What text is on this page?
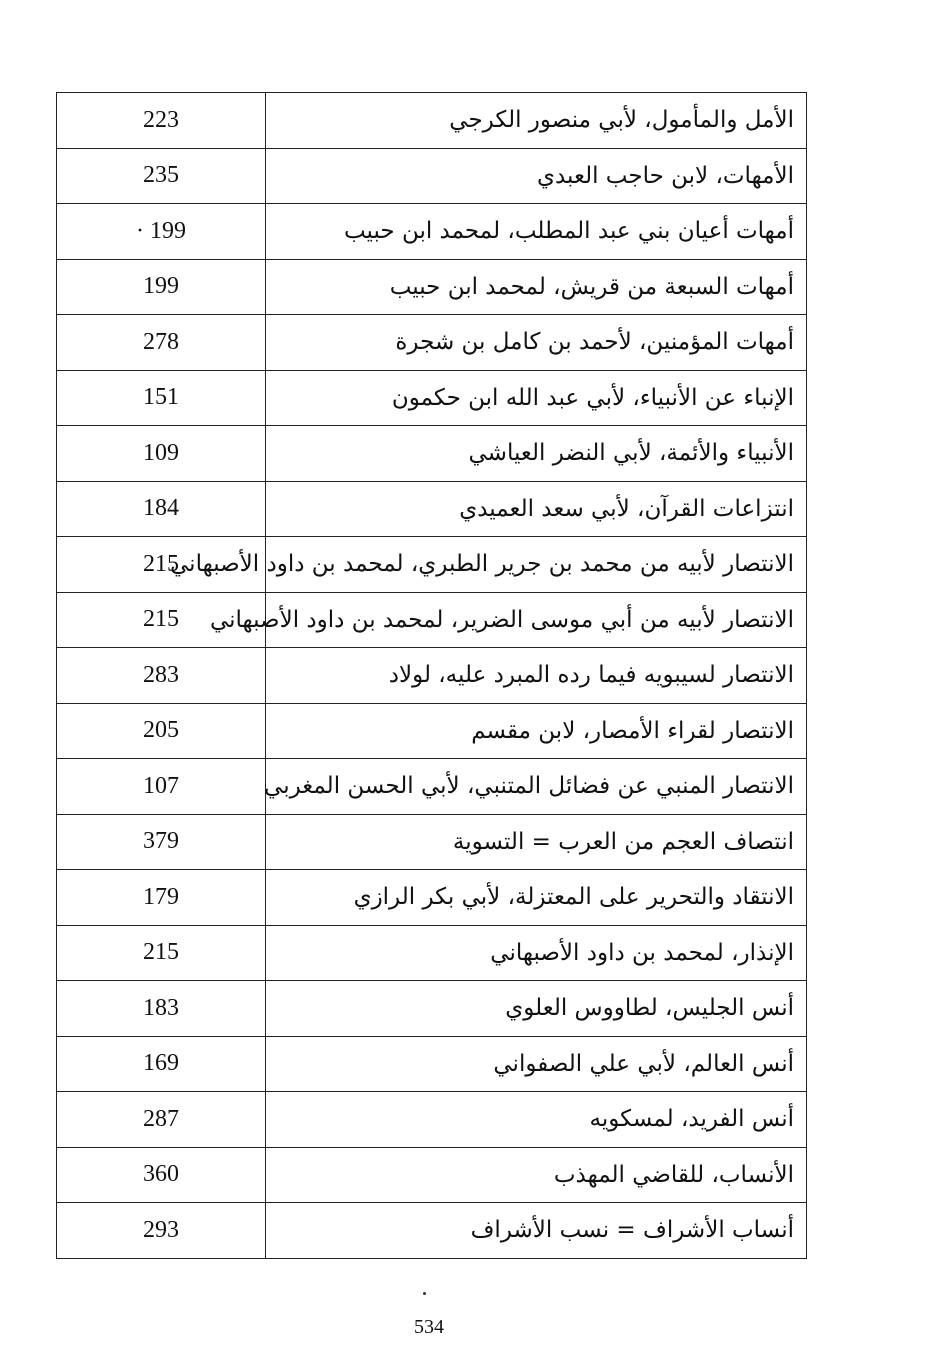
223	الأمل والمأمول، لأبي منصور الكرجي
235	الأمهات، لابن حاجب العبدي
· 199	أمهات أعيان بني عبد المطلب، لمحمد ابن حبيب
199	أمهات السبعة من قريش، لمحمد ابن حبيب
278	أمهات المؤمنين، لأحمد بن كامل بن شجرة
151	الإنباء عن الأنبياء، لأبي عبد الله ابن حكمون
109	الأنبياء والأئمة، لأبي النضر العياشي
184	انتزاعات القرآن، لأبي سعد العميدي
215	الانتصار لأبيه من محمد بن جرير الطبري، لمحمد بن داود الأصبهاني
215	الانتصار لأبيه من أبي موسى الضرير، لمحمد بن داود الأصبهاني
283	الانتصار لسيبويه فيما رده المبرد عليه، لولاد
205	الانتصار لقراء الأمصار، لابن مقسم
107	الانتصار المنبي عن فضائل المتنبي، لأبي الحسن المغربي
379	انتصاف العجم من العرب = التسوية
179	الانتقاد والتحرير على المعتزلة، لأبي بكر الرازي
215	الإنذار، لمحمد بن داود الأصبهاني
183	أنس الجليس، لطاووس العلوي
169	أنس العالم، لأبي علي الصفواني
287	أنس الفريد، لمسكويه
360	الأنساب، للقاضي المهذب
293	أنساب الأشراف = نسب الأشراف
534
